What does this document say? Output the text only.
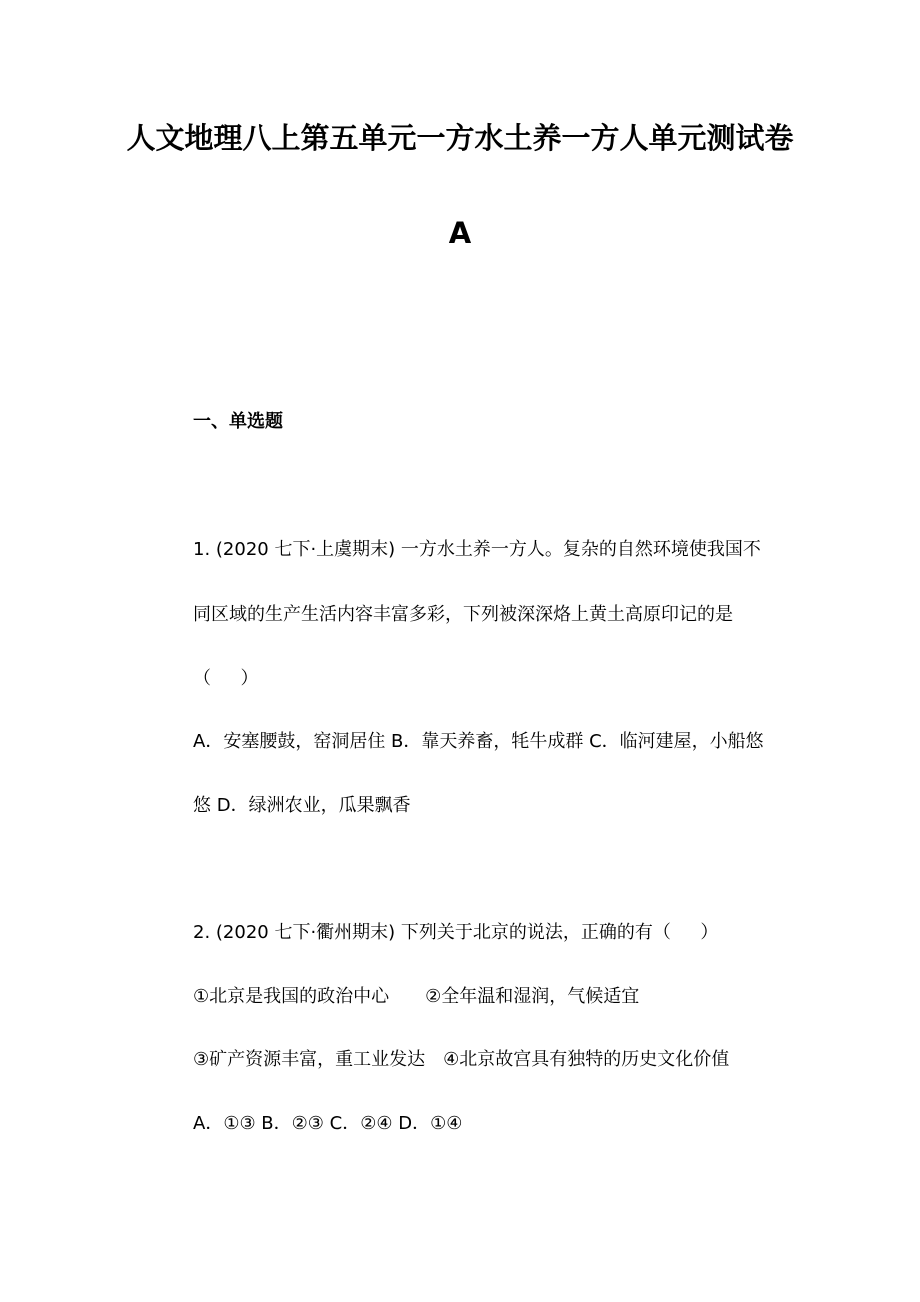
人文地理八上第五单元一方水土养一方人单元测试卷
A
一、单选题

1. (2020 七下·上虞期末) 一方水土养一方人。复杂的自然环境使我国不

同区域的生产生活内容丰富多彩，下列被深深烙上黄土高原印记的是

（　  ）

A．安塞腰鼓，窑洞居住 B．靠天养畜，牦牛成群 C．临河建屋，小船悠

悠 D．绿洲农业，瓜果飘香

2. (2020 七下·衢州期末) 下列关于北京的说法，正确的有（　  ）

①北京是我国的政治中心　　②全年温和湿润，气候适宜

③矿产资源丰富，重工业发达　④北京故宫具有独特的历史文化价值

A．①③ B．②③ C．②④ D．①④
